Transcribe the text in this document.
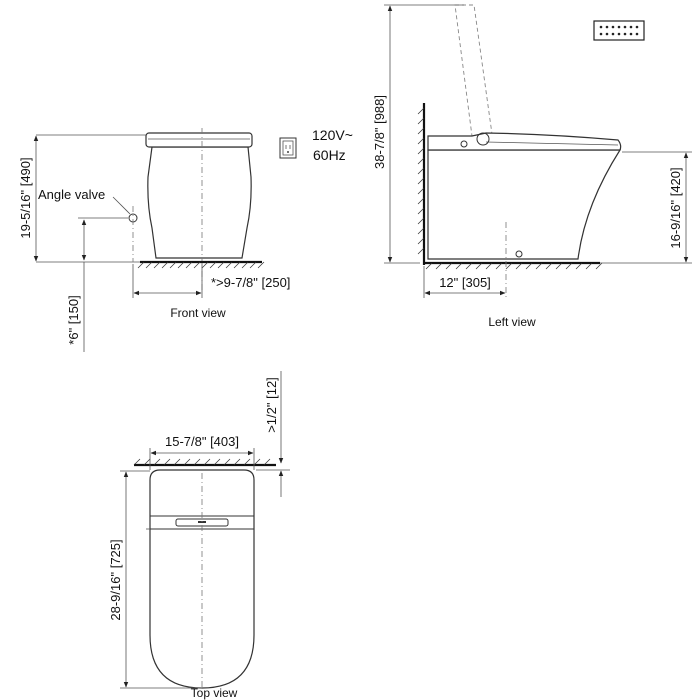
19-5/16" [490] Angle valve
*6" [150]
*>9-7/8" [250]
Front view
120V~
60Hz 38-7/8" [988]
16-9/16" [420]
12" [305]
Left view
15-7/8" [403]
>1/2" [12]
28-9/16" [725]
Top view
